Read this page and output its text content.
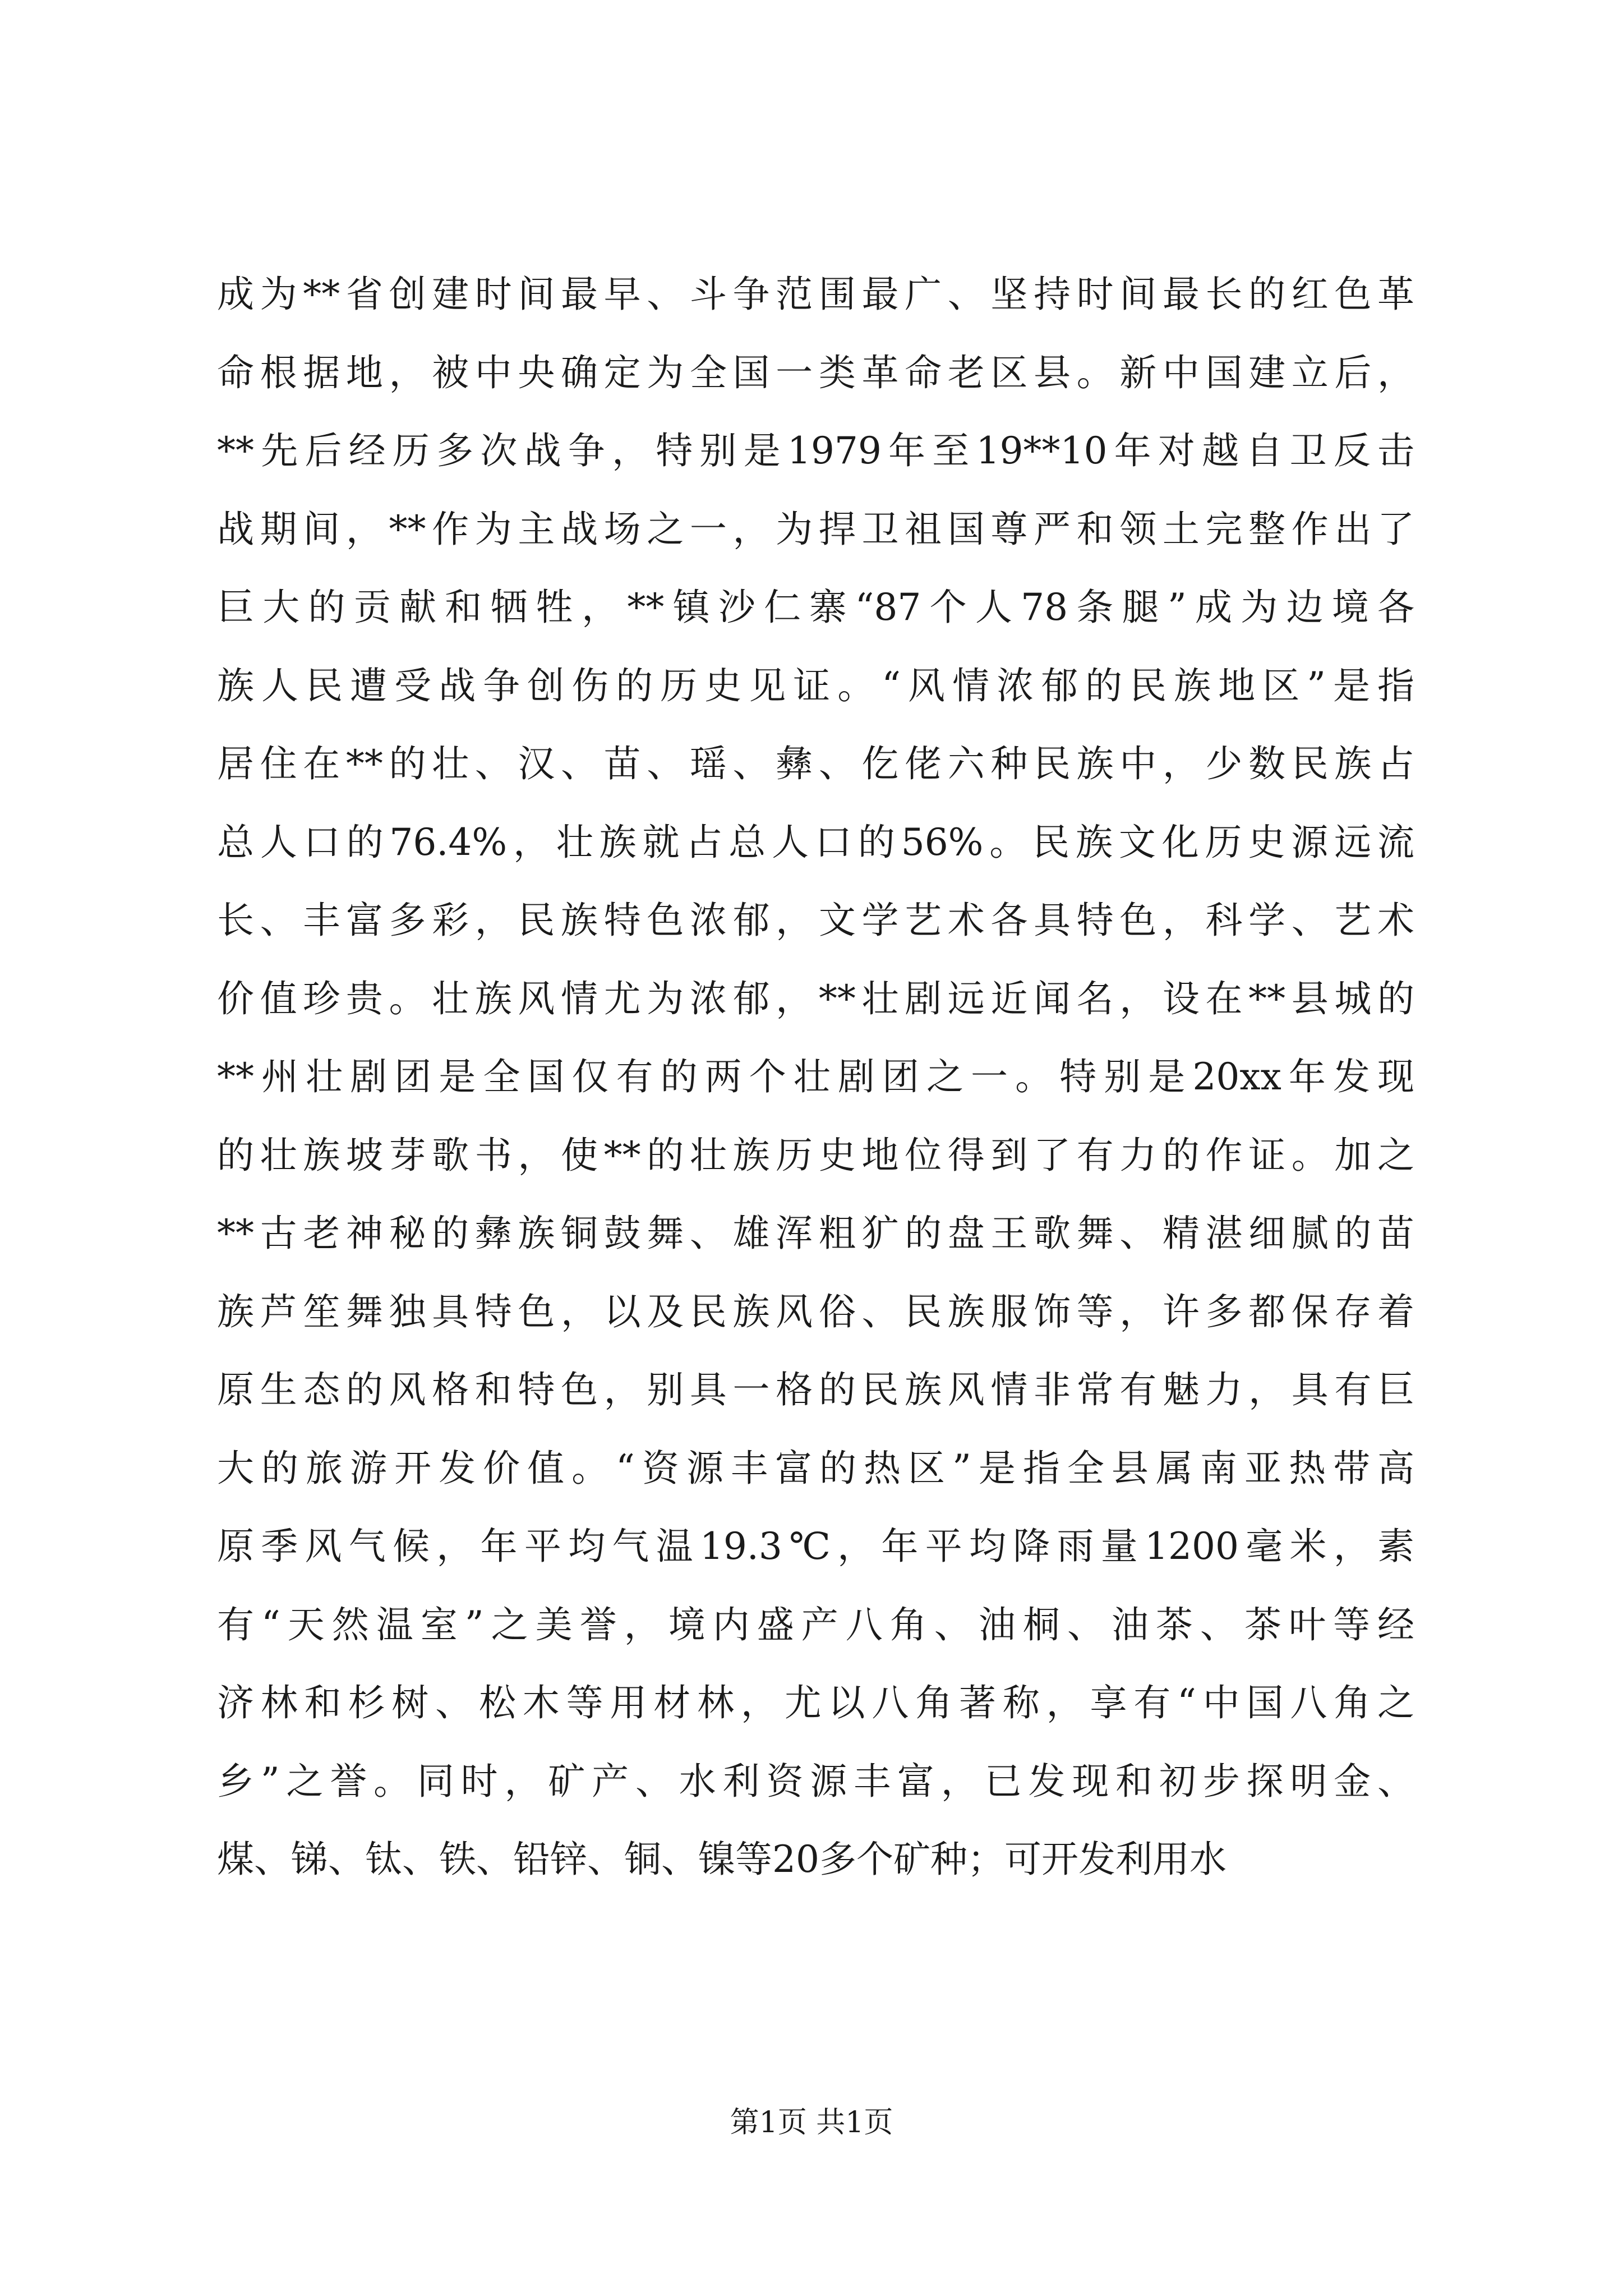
成为**省创建时间最早、斗争范围最广、坚持时间最长的红色革
命根据地，被中央确定为全国一类革命老区县。新中国建立后，
**先后经历多次战争，特别是1979年至19**10年对越自卫反击
战期间，**作为主战场之一，为捍卫祖国尊严和领土完整作出了
巨大的贡献和牺牲，**镇沙仁寨“87个人78条腿”成为边境各
族人民遭受战争创伤的历史见证。“风情浓郁的民族地区”是指
居住在**的壮、汉、苗、瑶、彝、仡佬六种民族中，少数民族占
总人口的76.4%，壮族就占总人口的56%。民族文化历史源远流
长、丰富多彩，民族特色浓郁，文学艺术各具特色，科学、艺术
价值珍贵。壮族风情尤为浓郁，**壮剧远近闻名，设在**县城的
**州壮剧团是全国仅有的两个壮剧团之一。特别是20xx年发现
的壮族坡芽歌书，使**的壮族历史地位得到了有力的作证。加之
**古老神秘的彝族铜鼓舞、雄浑粗犷的盘王歌舞、精湛细腻的苗
族芦笙舞独具特色，以及民族风俗、民族服饰等，许多都保存着
原生态的风格和特色，别具一格的民族风情非常有魅力，具有巨
大的旅游开发价值。“资源丰富的热区”是指全县属南亚热带高
原季风气候，年平均气温19.3℃，年平均降雨量1200毫米，素
有“天然温室”之美誉，境内盛产八角、油桐、油茶、茶叶等经
济林和杉树、松木等用材林，尤以八角著称，享有“中国八角之
乡”之誉。同时，矿产、水利资源丰富，已发现和初步探明金、
煤、锑、钛、铁、铅锌、铜、镍等20多个矿种；可开发利用水
第1页 共1页
